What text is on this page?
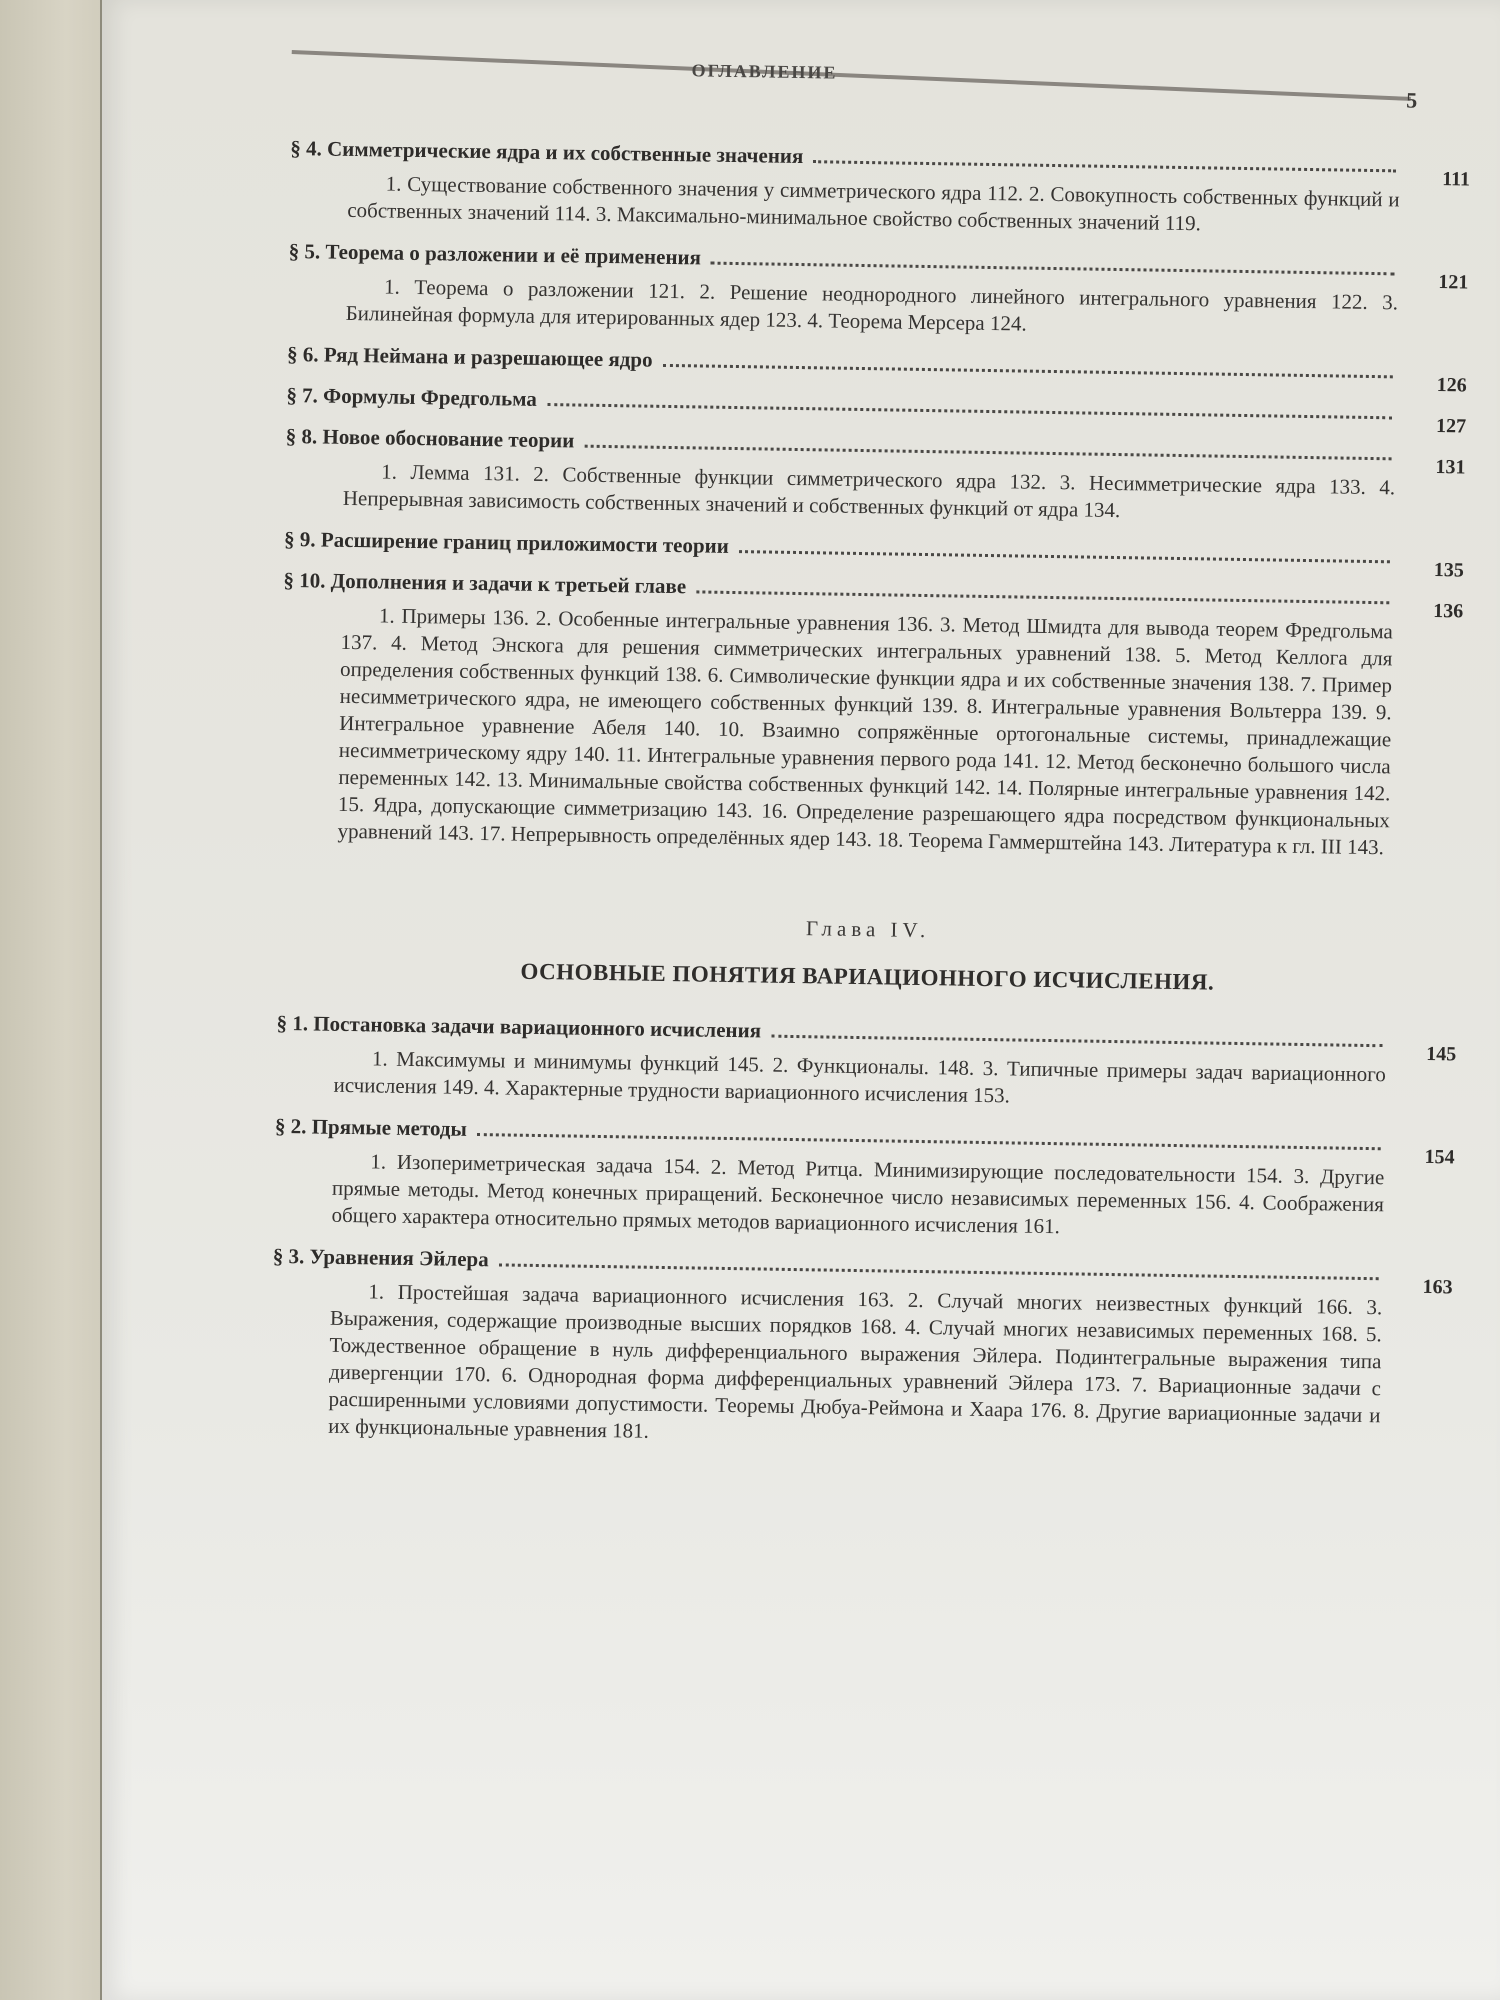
ОГЛАВЛЕНИЕ
5
§ 4. Симметрические ядра и их собственные значения
111
1. Существование собственного значения у симметрического ядра 112. 2. Совокупность собственных функций и собственных значений 114. 3. Максимально-минимальное свойство собственных значений 119.
§ 5. Теорема о разложении и её применения
121
1. Теорема о разложении 121. 2. Решение неоднородного линейного интегрального уравнения 122. 3. Билинейная формула для итерированных ядер 123. 4. Теорема Мерсера 124.
§ 6. Ряд Неймана и разрешающее ядро
126
§ 7. Формулы Фредгольма
127
§ 8. Новое обоснование теории
131
1. Лемма 131. 2. Собственные функции симметрического ядра 132. 3. Несимметрические ядра 133. 4. Непрерывная зависимость собственных значений и собственных функций от ядра 134.
§ 9. Расширение границ приложимости теории
135
§ 10. Дополнения и задачи к третьей главе
136
1. Примеры 136. 2. Особенные интегральные уравнения 136. 3. Метод Шмидта для вывода теорем Фредгольма 137. 4. Метод Энскога для решения симметрических интегральных уравнений 138. 5. Метод Келлога для определения собственных функций 138. 6. Символические функции ядра и их собственные значения 138. 7. Пример несимметрического ядра, не имеющего собственных функций 139. 8. Интегральные уравнения Вольтерра 139. 9. Интегральное уравнение Абеля 140. 10. Взаимно сопряжённые ортогональные системы, принадлежащие несимметрическому ядру 140. 11. Интегральные уравнения первого рода 141. 12. Метод бесконечно большого числа переменных 142. 13. Минимальные свойства собственных функций 142. 14. Полярные интегральные уравнения 142. 15. Ядра, допускающие симметризацию 143. 16. Определение разрешающего ядра посредством функциональных уравнений 143. 17. Непрерывность определённых ядер 143. 18. Теорема Гаммерштейна 143. Литература к гл. III 143.
Глава IV.
ОСНОВНЫЕ ПОНЯТИЯ ВАРИАЦИОННОГО ИСЧИСЛЕНИЯ.
§ 1. Постановка задачи вариационного исчисления
145
1. Максимумы и минимумы функций 145. 2. Функционалы. 148. 3. Типичные примеры задач вариационного исчисления 149. 4. Характерные трудности вариационного исчисления 153.
§ 2. Прямые методы
154
1. Изопериметрическая задача 154. 2. Метод Ритца. Минимизирующие последовательности 154. 3. Другие прямые методы. Метод конечных приращений. Бесконечное число независимых переменных 156. 4. Соображения общего характера относительно прямых методов вариационного исчисления 161.
§ 3. Уравнения Эйлера
163
1. Простейшая задача вариационного исчисления 163. 2. Случай многих неизвестных функций 166. 3. Выражения, содержащие производные высших порядков 168. 4. Случай многих независимых переменных 168. 5. Тождественное обращение в нуль дифференциального выражения Эйлера. Подинтегральные выражения типа дивергенции 170. 6. Однородная форма дифференциальных уравнений Эйлера 173. 7. Вариационные задачи с расширенными условиями допустимости. Теоремы Дюбуа-Реймона и Хаара 176. 8. Другие вариационные задачи и их функциональные уравнения 181.
